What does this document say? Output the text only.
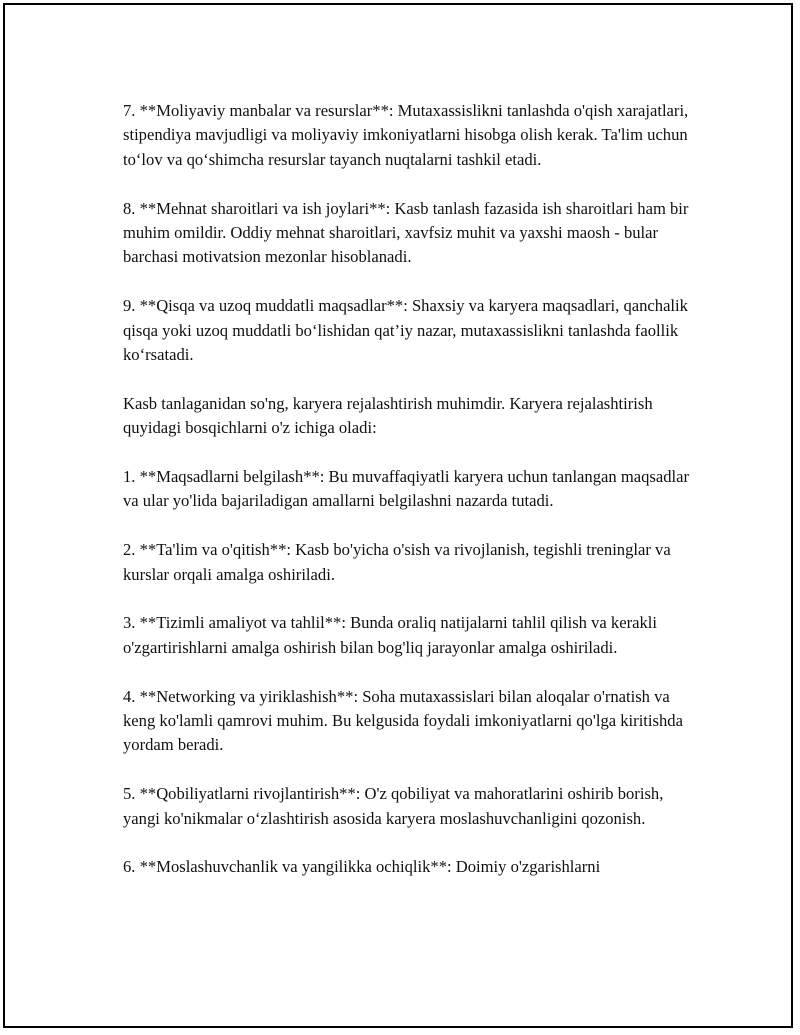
7. **Moliyaviy manbalar va resurslar**: Mutaxassislikni tanlashda o'qish xarajatlari, stipendiya mavjudligi va moliyaviy imkoniyatlarni hisobga olish kerak. Ta'lim uchun to‘lov va qo‘shimcha resurslar tayanch nuqtalarni tashkil etadi.

8. **Mehnat sharoitlari va ish joylari**: Kasb tanlash fazasida ish sharoitlari ham bir muhim omildir. Oddiy mehnat sharoitlari, xavfsiz muhit va yaxshi maosh - bular barchasi motivatsion mezonlar hisoblanadi.

9. **Qisqa va uzoq muddatli maqsadlar**: Shaxsiy va karyera maqsadlari, qanchalik qisqa yoki uzoq muddatli bo‘lishidan qat’iy nazar, mutaxassislikni tanlashda faollik ko‘rsatadi.

Kasb tanlaganidan so'ng, karyera rejalashtirish muhimdir. Karyera rejalashtirish quyidagi bosqichlarni o'z ichiga oladi:

1. **Maqsadlarni belgilash**: Bu muvaffaqiyatli karyera uchun tanlangan maqsadlar va ular yo'lida bajariladigan amallarni belgilashni nazarda tutadi.

2. **Ta'lim va o'qitish**: Kasb bo'yicha o'sish va rivojlanish, tegishli treninglar va kurslar orqali amalga oshiriladi.

3. **Tizimli amaliyot va tahlil**: Bunda oraliq natijalarni tahlil qilish va kerakli o'zgartirishlarni amalga oshirish bilan bog'liq jarayonlar amalga oshiriladi.

4. **Networking va yiriklashish**: Soha mutaxassislari bilan aloqalar o'rnatish va keng ko'lamli qamrovi muhim. Bu kelgusida foydali imkoniyatlarni qo'lga kiritishda yordam beradi.

5. **Qobiliyatlarni rivojlantirish**: O'z qobiliyat va mahoratlarini oshirib borish, yangi ko'nikmalar o‘zlashtirish asosida karyera moslashuvchanligini qozonish.

6. **Moslashuvchanlik va yangilikka ochiqlik**: Doimiy o'zgarishlarni
